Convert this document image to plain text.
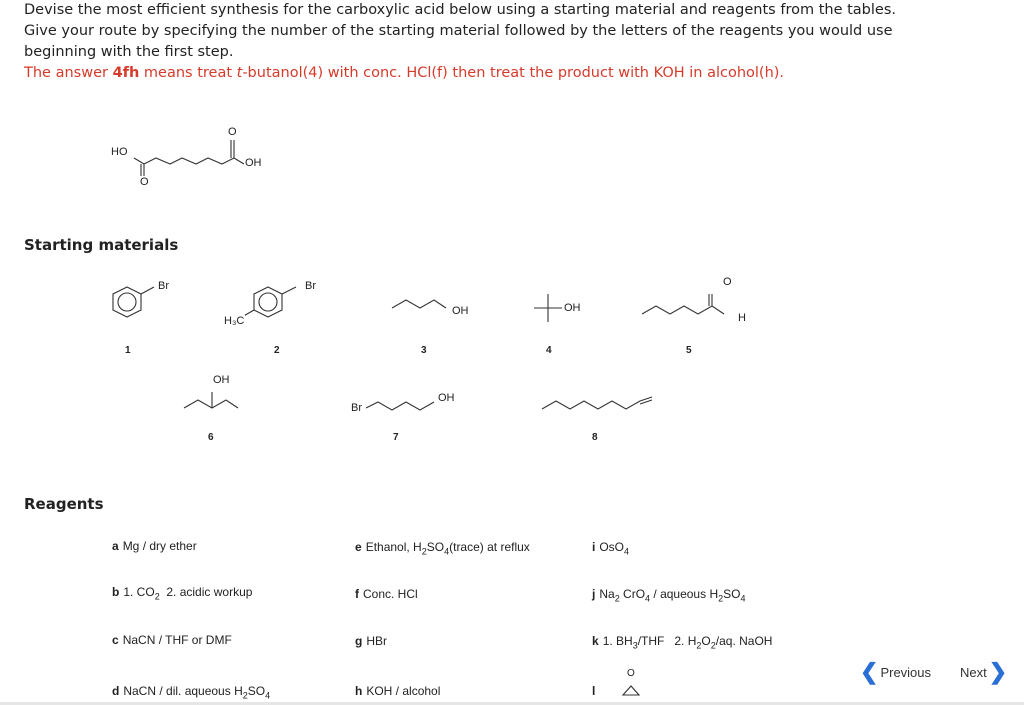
Devise the most efficient synthesis for the carboxylic acid below using a starting material and reagents from the tables.
Give your route by specifying the number of the starting material followed by the letters of the reagents you would use
beginning with the first step.
The answer 4fh means treat t-butanol(4) with conc. HCl(f) then treat the product with KOH in alcohol(h).
HO
O
O
OH
Starting materials
Br
1
Br
H₃C
2
OH
3
OH
4
O
H
5
OH
6
Br
OH
7	8
Reagents
a Mg / dry ether
b 1. $CO_2$  2. acidic workup
c NaCN / THF or DMF
d NaCN / dil. aqueous $H_2SO_4$
e Ethanol, $H_2SO_4(trace)$ at reflux
f Conc. HCl
g HBr
h KOH / alcohol
i OsO$_4$
j $Na_2$ CrO$_4$ / aqueous $H_2SO_4$
k 1. $BH_3$/THF   2. $H_2O_2/aq$. NaOH
l
O	❮ Previous Next ❯
